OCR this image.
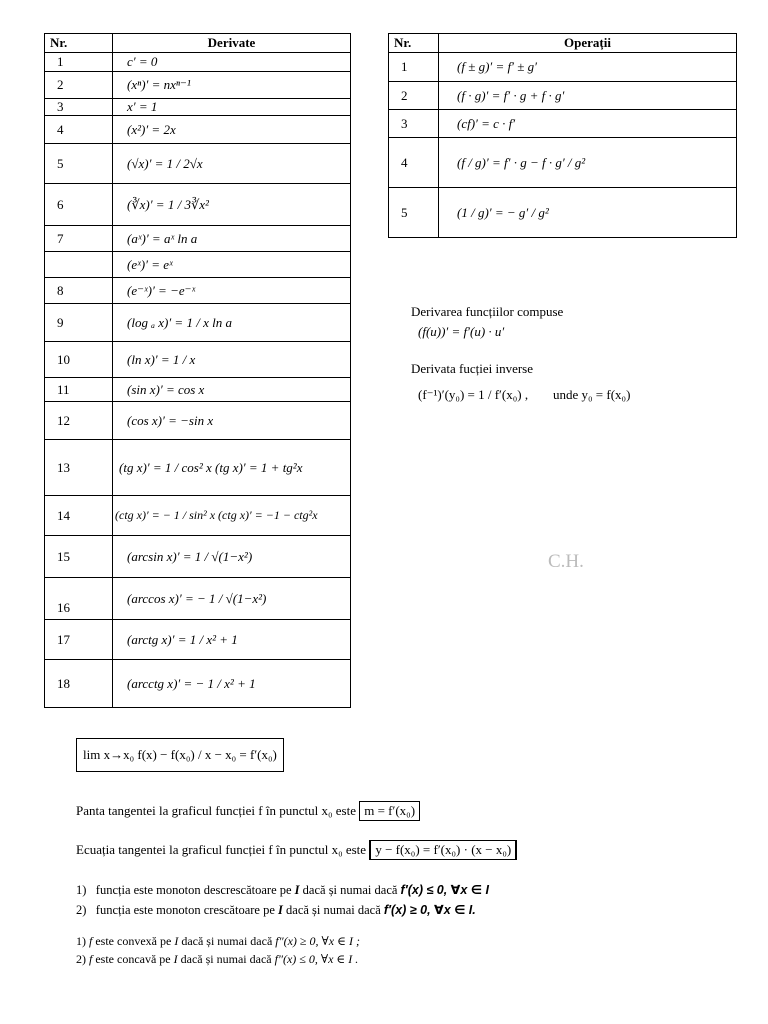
Nr.	Derivate
1	c′ = 0
2	(xⁿ)′ = nxⁿ⁻¹
3	x′ = 1
4	(x²)′ = 2x
5	(√x)′ = 1 / 2√x
6	(∛x)′ = 1 / 3∛x²
7	(aˣ)′ = aˣ ln a
	(eˣ)′ = eˣ
8	(e⁻ˣ)′ = −e⁻ˣ
9	(log ₐ x)′ = 1 / x ln a
10	(ln x)′ = 1 / x
11	(sin x)′ = cos x
12	(cos x)′ = −sin x
13	(tg x)′ = 1 / cos² x (tg x)′ = 1 + tg²x
14	(ctg x)′ = − 1 / sin² x (ctg x)′ = −1 − ctg²x
15	(arcsin x)′ = 1 / √(1−x²)
16	(arccos x)′ = − 1 / √(1−x²)
17	(arctg x)′ = 1 / x² + 1
18	(arcctg x)′ = − 1 / x² + 1
Nr.	Operații
1	(f ± g)′ = f′ ± g′
2	(f · g)′ = f′ · g + f · g′
3	(cf)′ = c · f′
4	(f / g)′ = f′ · g − f · g′ / g²
5	(1 / g)′ = − g′ / g²
Derivarea funcțiilor compuse
(f(u))′ = f′(u) · u′
Derivata fucției inverse
(f⁻¹)′(y₀) = 1 / f′(x₀) , unde y₀ = f(x₀)
C.H.
lim x→x₀ f(x) − f(x₀) / x − x₀ = f′(x₀)
Panta tangentei la graficul funcției f în punctul x₀ este m = f′(x₀)
Ecuația tangentei la graficul funcției f în punctul x₀ este y − f(x₀) = f′(x₀) · (x − x₀)
1) funcția este monoton descrescătoare pe I dacă și numai dacă f′(x) ≤ 0, ∀x ∈ I
2) funcția este monoton crescătoare pe I dacă și numai dacă f′(x) ≥ 0, ∀x ∈ I.
1) f este convexă pe I dacă și numai dacă f″(x) ≥ 0, ∀x ∈ I ;
2) f este concavă pe I dacă și numai dacă f″(x) ≤ 0, ∀x ∈ I .
